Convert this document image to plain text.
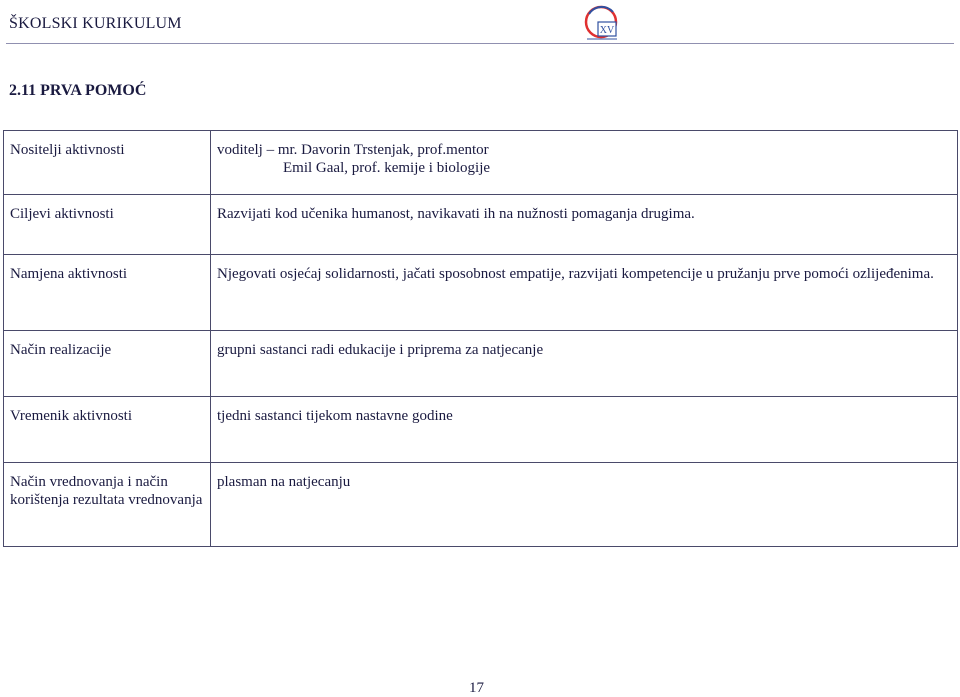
ŠKOLSKI KURIKULUM	XV
2.11 PRVA POMOĆ
Nositelji aktivnosti	voditelj – mr. Davorin Trstenjak, prof.mentor
Emil Gaal, prof. kemije i biologije

Ciljevi aktivnosti	Razvijati kod učenika humanost, navikavati ih na nužnosti pomaganja drugima.
Namjena aktivnosti	Njegovati osjećaj solidarnosti, jačati sposobnost empatije, razvijati kompetencije u pružanju prve pomoći ozlijeđenima.
Način realizacije	grupni sastanci radi edukacije i priprema za natjecanje
Vremenik aktivnosti	tjedni sastanci tijekom nastavne godine
Način vrednovanja i način korištenja rezultata vrednovanja	plasman na natjecanju
17
